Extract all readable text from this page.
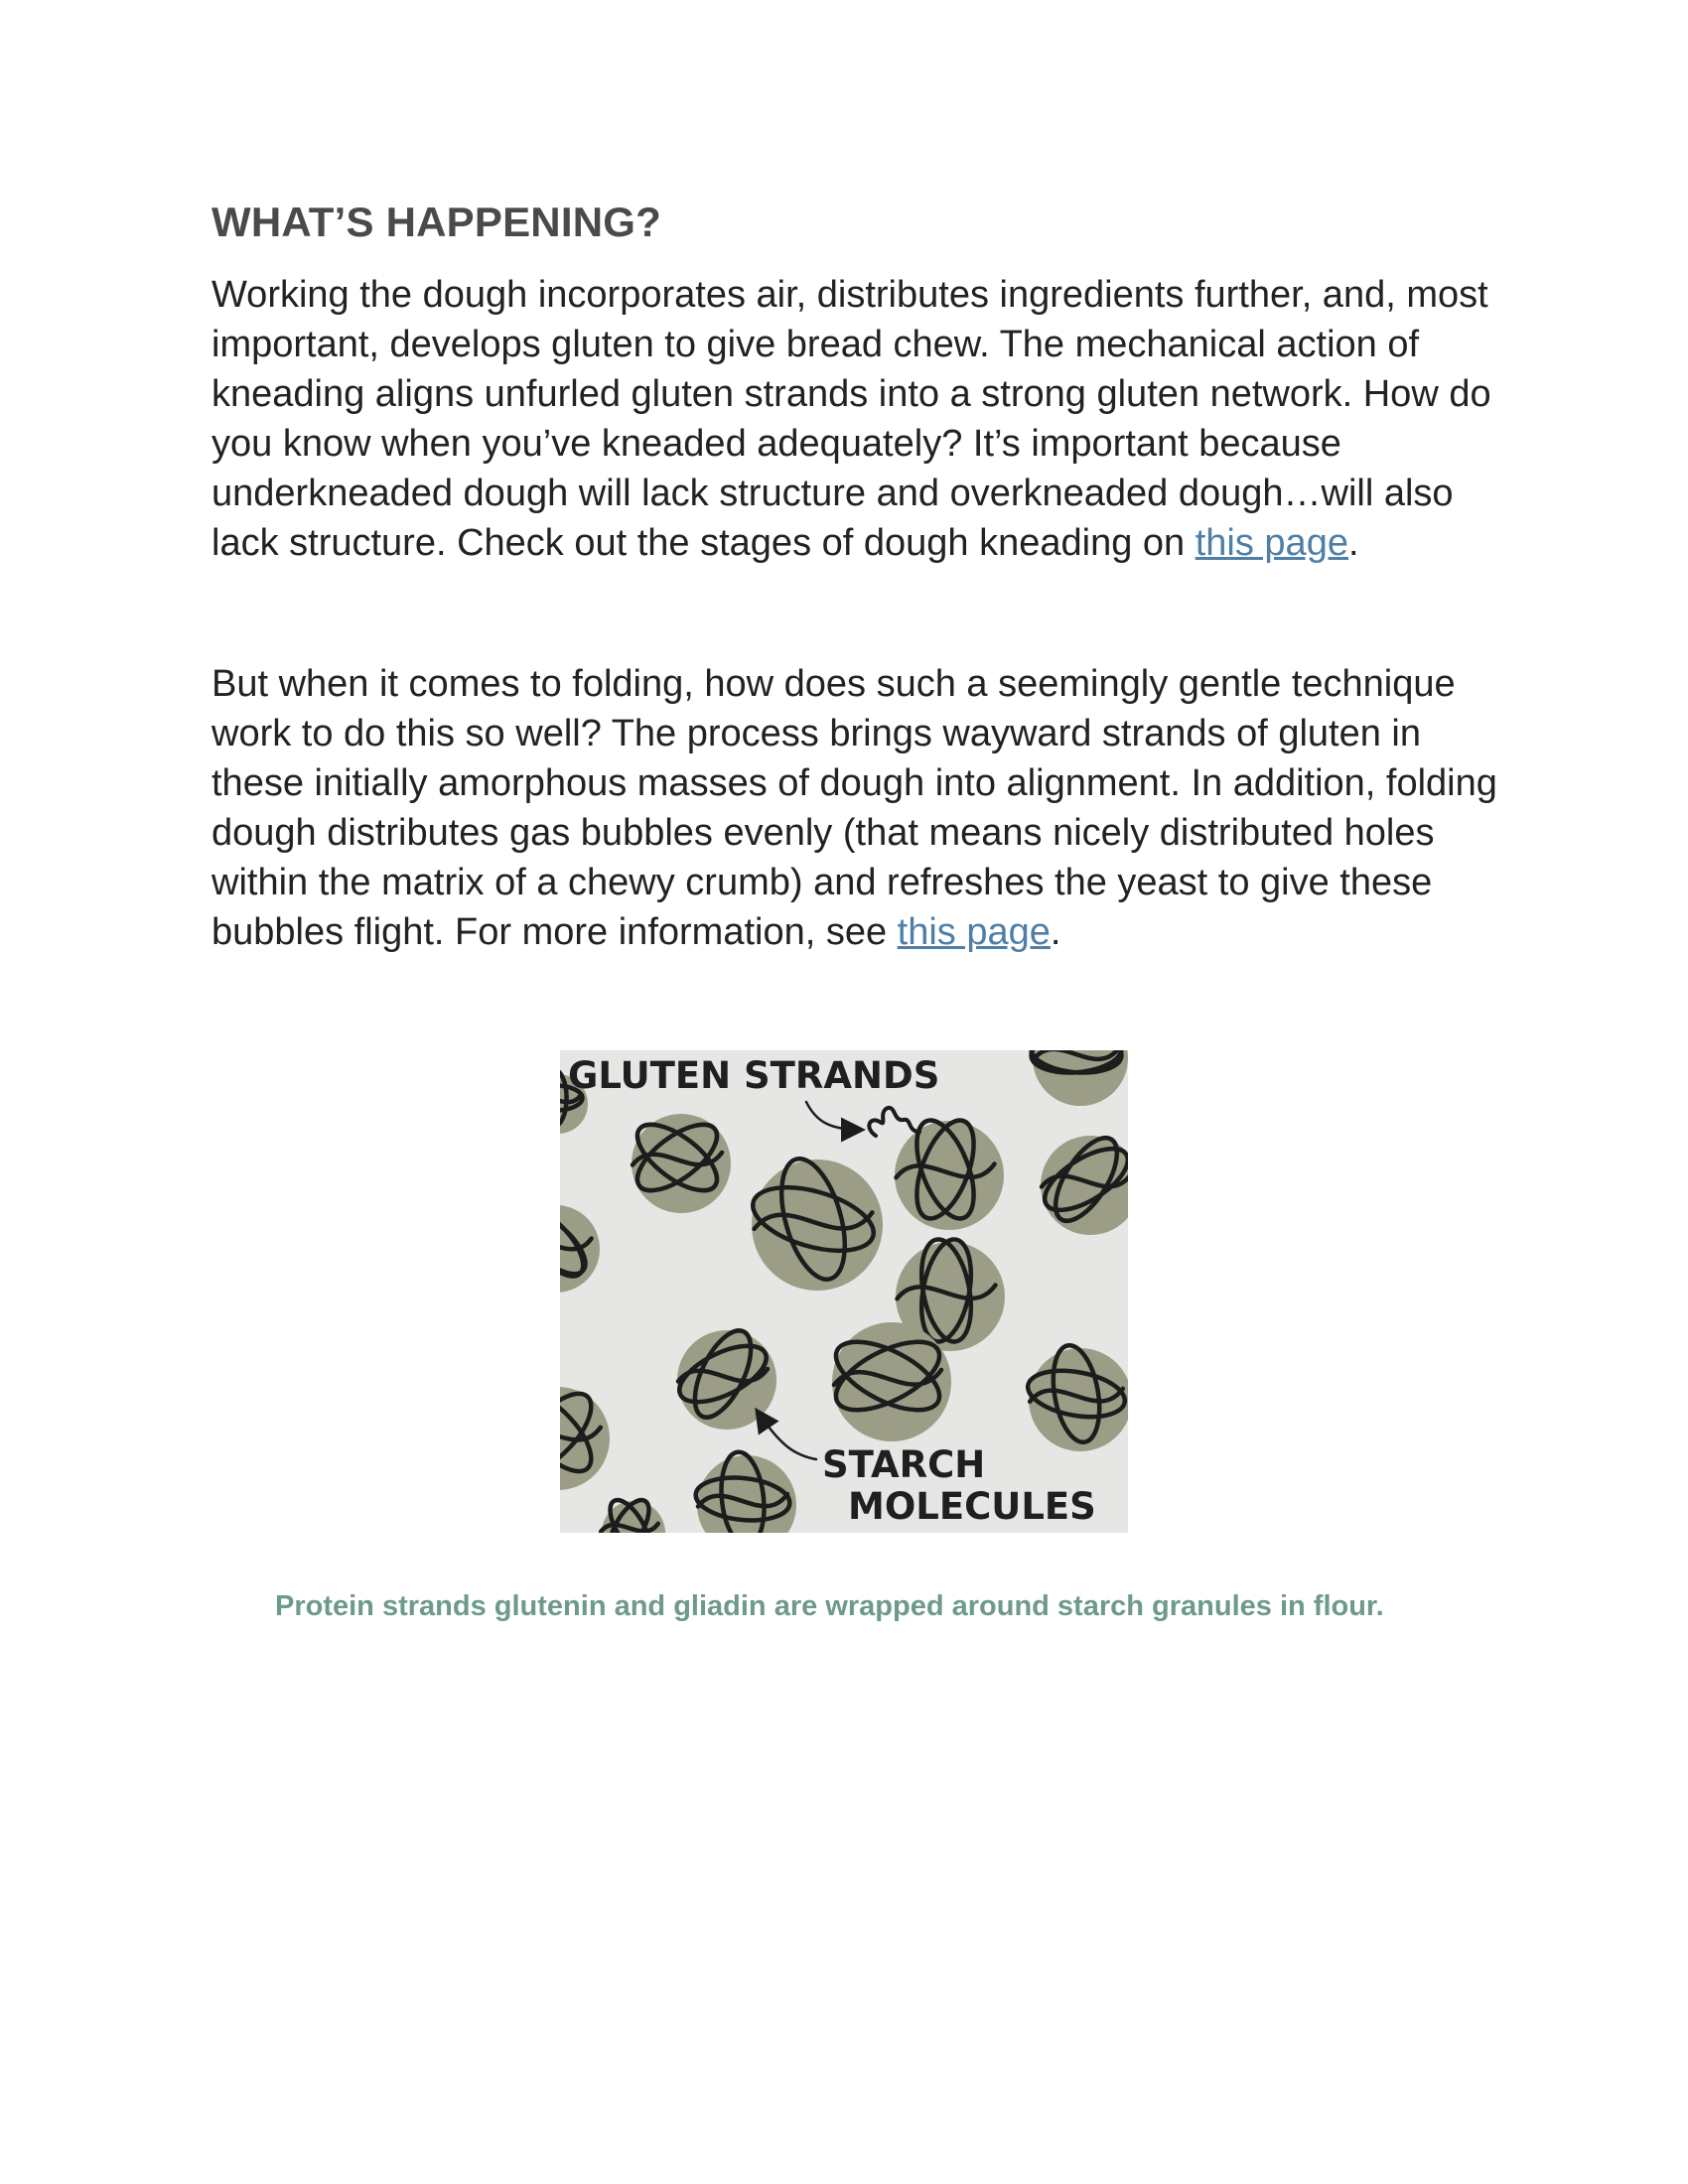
WHAT’S HAPPENING?

Working the dough incorporates air, distributes ingredients further, and, most important, develops gluten to give bread chew. The mechanical action of kneading aligns unfurled gluten strands into a strong gluten network. How do you know when you’ve kneaded adequately? It’s important because underkneaded dough will lack structure and overkneaded dough…will also lack structure. Check out the stages of dough kneading on this page.

But when it comes to folding, how does such a seemingly gentle technique work to do this so well? The process brings wayward strands of gluten in these initially amorphous masses of dough into alignment. In addition, folding dough distributes gas bubbles evenly (that means nicely distributed holes within the matrix of a chewy crumb) and refreshes the yeast to give these bubbles flight. For more information, see this page.

GLUTEN STRANDS
STARCH
MOLECULES

Protein strands glutenin and gliadin are wrapped around starch granules in flour.
